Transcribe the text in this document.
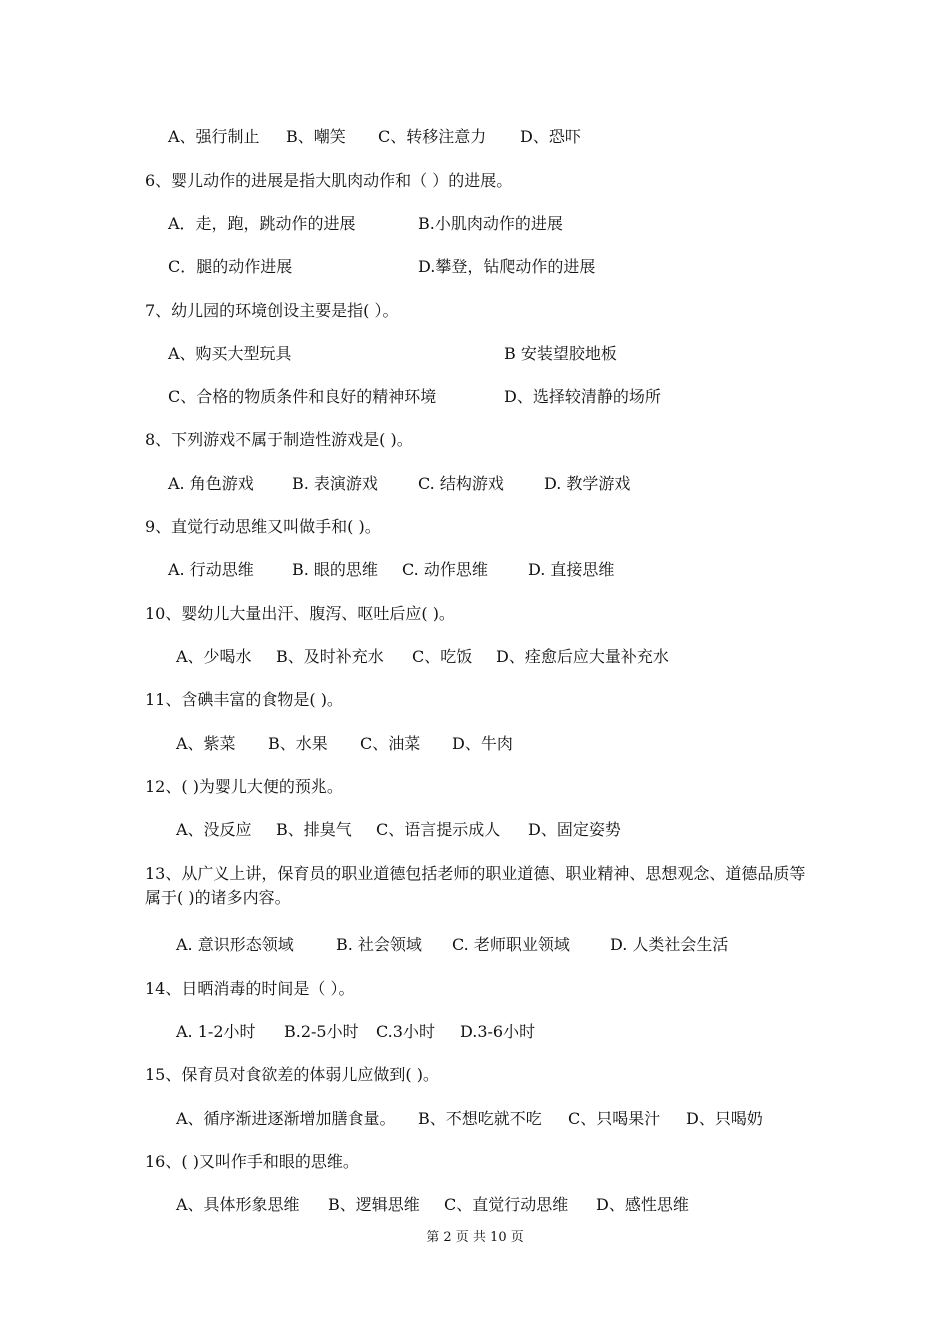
A、强行制止 B、嘲笑 C、转移注意力 D、恐吓
6、婴儿动作的进展是指大肌肉动作和（ ）的进展。
A．走，跑，跳动作的进展	B.小肌肉动作的进展
C．腿的动作进展	D.攀登，钻爬动作的进展
7、幼儿园的环境创设主要是指( ）。
A、购买大型玩具	B 安装望胶地板
C、合格的物质条件和良好的精神环境	D、选择较清静的场所
8、下列游戏不属于制造性游戏是( )。
A. 角色游戏 B. 表演游戏	C. 结构游戏	D. 教学游戏
9、直觉行动思维又叫做手和( )。
A. 行动思维 B. 眼的思维 C. 动作思维	D. 直接思维
10、婴幼儿大量出汗、腹泻、呕吐后应( )。
A、少喝水 B、及时补充水 C、吃饭 D、痊愈后应大量补充水
11、含碘丰富的食物是( )。
A、紫菜 B、水果 C、油菜 D、牛肉
12、( )为婴儿大便的预兆。
A、没反应 B、排臭气 C、语言提示成人 D、固定姿势
13、从广义上讲，保育员的职业道德包括老师的职业道德、职业精神、思想观念、道德品质等属于( )的诸多内容。
A. 意识形态领域	B. 社会领域 C. 老师职业领域	D. 人类社会生活
14、日晒消毒的时间是（ ）。
A. 1-2小时 B.2-5小时 C.3小时 D.3-6小时
15、保育员对食欲差的体弱儿应做到( )。
A、循序渐进逐渐增加膳食量。 B、不想吃就不吃 C、只喝果汁 D、只喝奶
16、( )又叫作手和眼的思维。
A、具体形象思维 B、逻辑思维 C、直觉行动思维 D、感性思维
第 2 页 共 10 页
